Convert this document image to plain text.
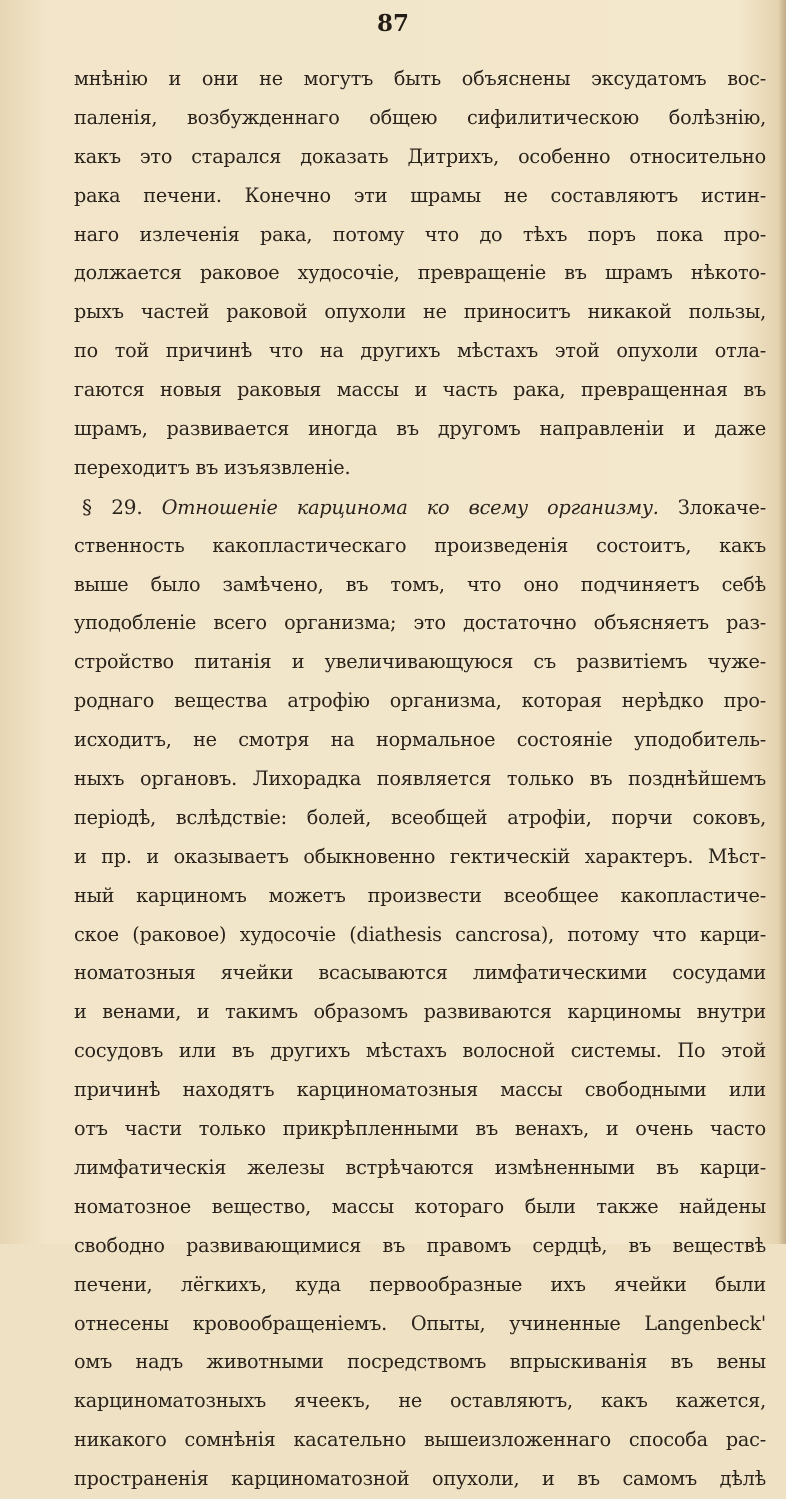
87
мнѣнію и они не могутъ быть объяснены эксудатомъ вос-
паленія, возбужденнаго общею сифилитическою болѣзнію,
какъ это старался доказать Дитрихъ, особенно относительно
рака печени. Конечно эти шрамы не составляютъ истин-
наго излеченія рака, потому что до тѣхъ поръ пока про-
должается раковое худосочіе, превращеніе въ шрамъ нѣкото-
рыхъ частей раковой опухоли не приноситъ никакой пользы,
по той причинѣ что на другихъ мѣстахъ этой опухоли отла-
гаются новыя раковыя массы и часть рака, превращенная въ
шрамъ, развивается иногда въ другомъ направленіи и даже
переходитъ въ изъязвленіе.
§ 29. Отношеніе карцинома ко всему организму. Злокаче-
ственность какопластическаго произведенія состоитъ, какъ
выше было замѣчено, въ томъ, что оно подчиняетъ себѣ
уподобленіе всего организма; это достаточно объясняетъ раз-
стройство питанія и увеличивающуюся съ развитіемъ чуже-
роднаго вещества атрофію организма, которая нерѣдко про-
исходитъ, не смотря на нормальное состояніе уподобитель-
ныхъ органовъ. Лихорадка появляется только въ позднѣйшемъ
періодѣ, вслѣдствіе: болей, всеобщей атрофіи, порчи соковъ,
и пр. и оказываетъ обыкновенно гектическій характеръ. Мѣст-
ный карциномъ можетъ произвести всеобщее какопластиче-
ское (раковое) худосочіе (diathesis cancrosa), потому что карци-
номатозныя ячейки всасываются лимфатическими сосудами
и венами, и такимъ образомъ развиваются карциномы внутри
сосудовъ или въ другихъ мѣстахъ волосной системы. По этой
причинѣ находятъ карциноматозныя массы свободными или
отъ части только прикрѣпленными въ венахъ, и очень часто
лимфатическія железы встрѣчаются измѣненными въ карци-
номатозное вещество, массы котораго были также найдены
свободно развивающимися въ правомъ сердцѣ, въ веществѣ
печени, лёгкихъ, куда первообразные ихъ ячейки были
отнесены кровообращеніемъ. Опыты, учиненные Langenbeck'
омъ надъ животными посредствомъ впрыскиванія въ вены
карциноматозныхъ ячеекъ, не оставляютъ, какъ кажется,
никакого сомнѣнія касательно вышеизложеннаго способа рас-
пространенія карциноматозной опухоли, и въ самомъ дѣлѣ
